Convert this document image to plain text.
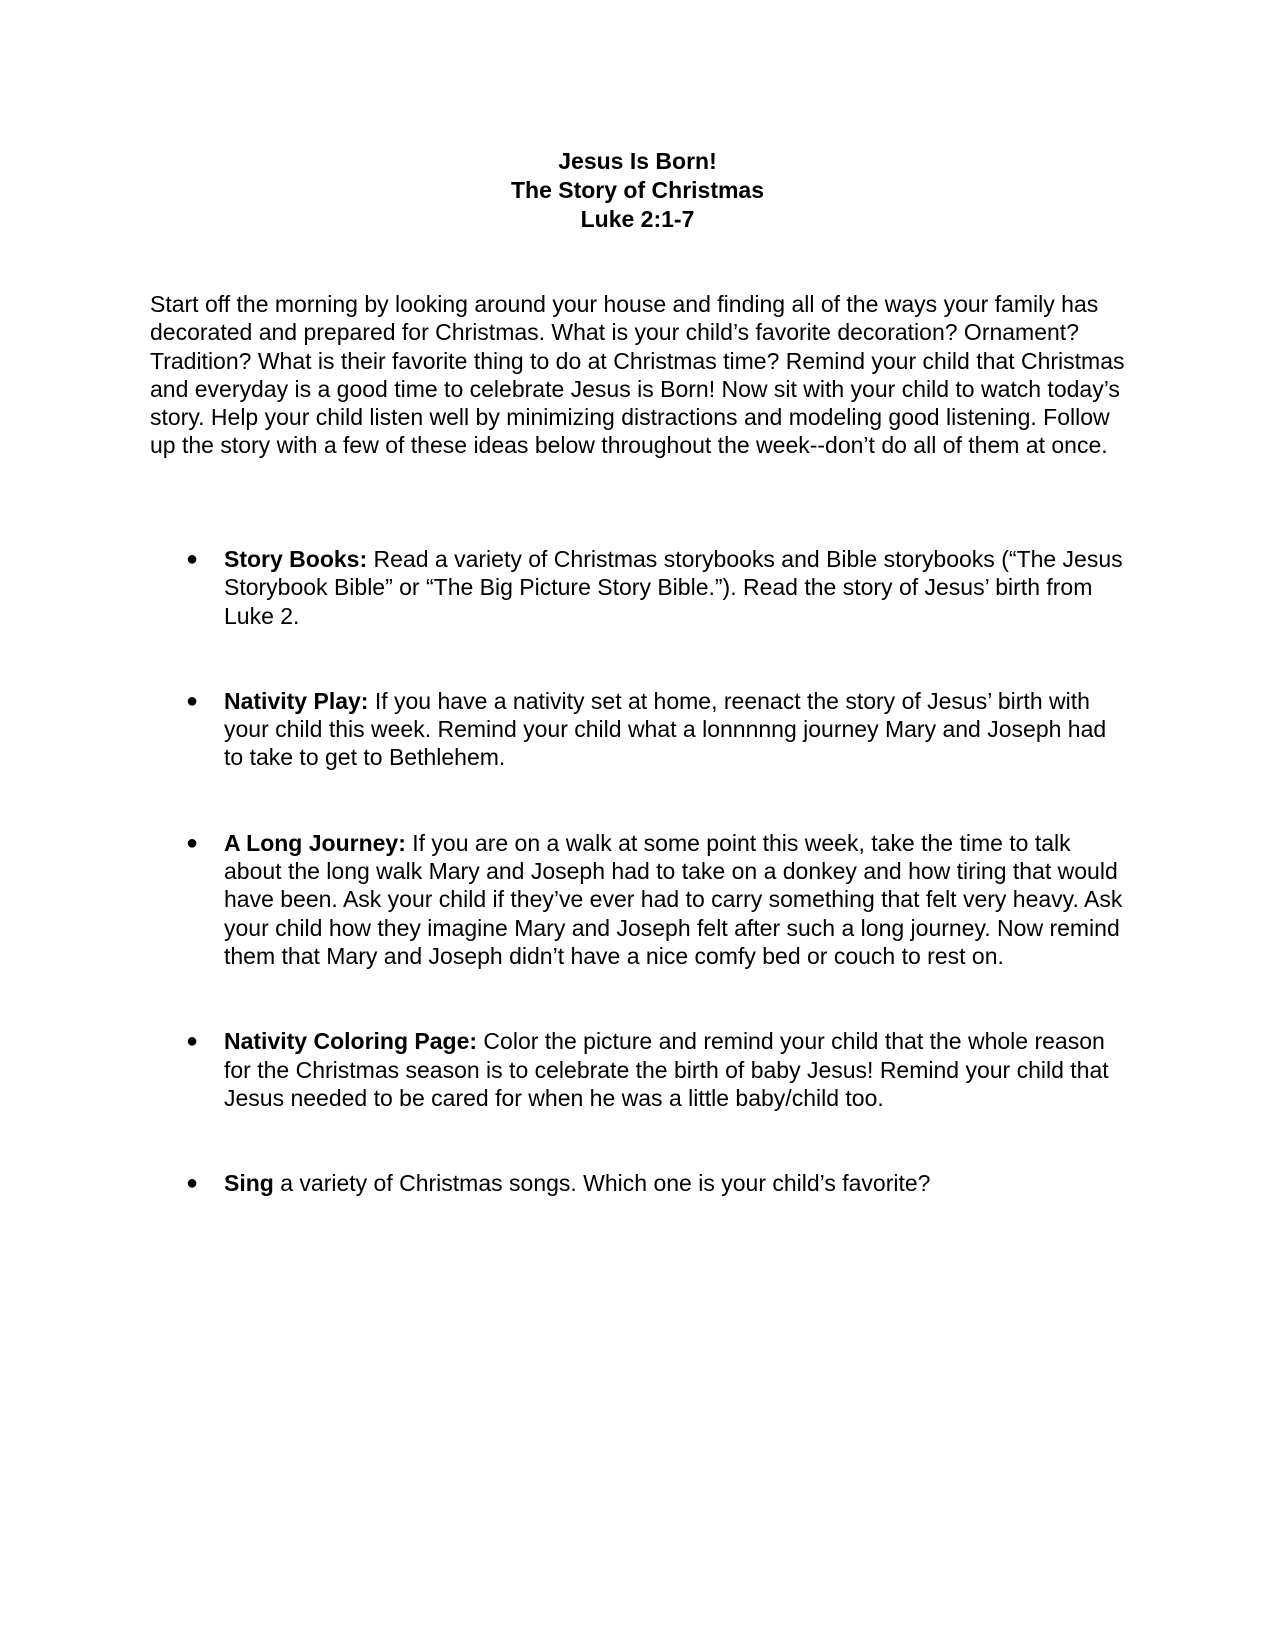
Jesus Is Born!
The Story of Christmas
Luke 2:1-7

Start off the morning by looking around your house and finding all of the ways your family has decorated and prepared for Christmas. What is your child’s favorite decoration? Ornament? Tradition? What is their favorite thing to do at Christmas time? Remind your child that Christmas and everyday is a good time to celebrate Jesus is Born! Now sit with your child to watch today’s story. Help your child listen well by minimizing distractions and modeling good listening. Follow up the story with a few of these ideas below throughout the week--don’t do all of them at once.

● Story Books: Read a variety of Christmas storybooks and Bible storybooks (“The Jesus Storybook Bible” or “The Big Picture Story Bible.”). Read the story of Jesus’ birth from Luke 2.
● Nativity Play: If you have a nativity set at home, reenact the story of Jesus’ birth with your child this week. Remind your child what a lonnnnng journey Mary and Joseph had to take to get to Bethlehem.
● A Long Journey: If you are on a walk at some point this week, take the time to talk about the long walk Mary and Joseph had to take on a donkey and how tiring that would have been. Ask your child if they’ve ever had to carry something that felt very heavy. Ask your child how they imagine Mary and Joseph felt after such a long journey. Now remind them that Mary and Joseph didn’t have a nice comfy bed or couch to rest on.
● Nativity Coloring Page: Color the picture and remind your child that the whole reason for the Christmas season is to celebrate the birth of baby Jesus! Remind your child that Jesus needed to be cared for when he was a little baby/child too.
● Sing a variety of Christmas songs. Which one is your child’s favorite?
